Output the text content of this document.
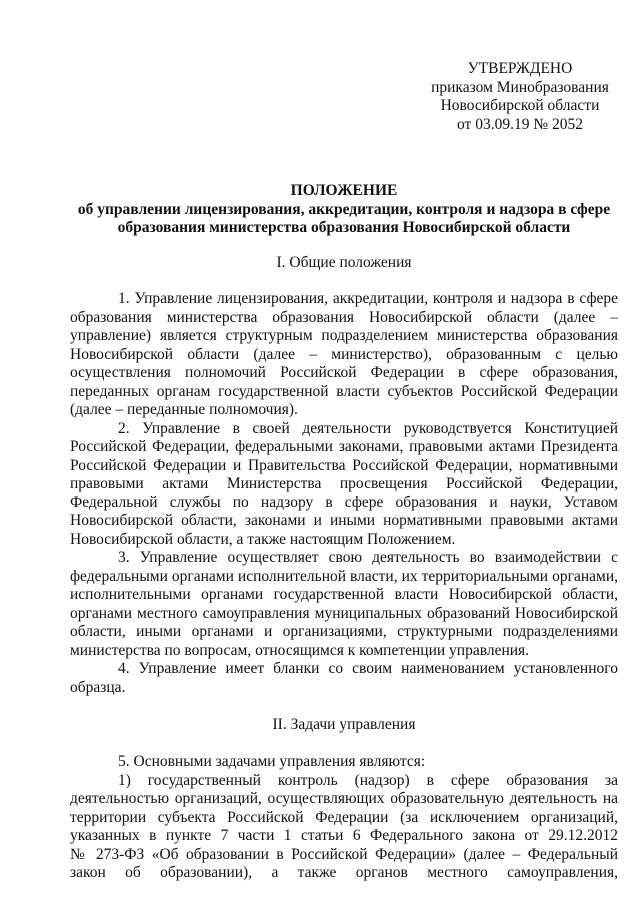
УТВЕРЖДЕНО
приказом Минобразования
Новосибирской области
от 03.09.19 № 2052
ПОЛОЖЕНИЕ
об управлении лицензирования, аккредитации, контроля и надзора в сфере
образования министерства образования Новосибирской области
I. Общие положения
1. Управление лицензирования, аккредитации, контроля и надзора в сфере
образования министерства образования Новосибирской области (далее –
управление) является структурным подразделением министерства образования
Новосибирской области (далее – министерство), образованным с целью
осуществления полномочий Российской Федерации в сфере образования,
переданных органам государственной власти субъектов Российской Федерации
(далее – переданные полномочия).
2. Управление в своей деятельности руководствуется Конституцией
Российской Федерации, федеральными законами, правовыми актами Президента
Российской Федерации и Правительства Российской Федерации, нормативными
правовыми актами Министерства просвещения Российской Федерации,
Федеральной службы по надзору в сфере образования и науки, Уставом
Новосибирской области, законами и иными нормативными правовыми актами
Новосибирской области, а также настоящим Положением.
3. Управление осуществляет свою деятельность во взаимодействии с
федеральными органами исполнительной власти, их территориальными органами,
исполнительными органами государственной власти Новосибирской области,
органами местного самоуправления муниципальных образований Новосибирской
области, иными органами и организациями, структурными подразделениями
министерства по вопросам, относящимся к компетенции управления.
4. Управление имеет бланки со своим наименованием установленного
образца.
II. Задачи управления
5. Основными задачами управления являются:
1) государственный контроль (надзор) в сфере образования за
деятельностью организаций, осуществляющих образовательную деятельность на
территории субъекта Российской Федерации (за исключением организаций,
указанных в пункте 7 части 1 статьи 6 Федерального закона от 29.12.2012
№ 273-ФЗ «Об образовании в Российской Федерации» (далее – Федеральный
закон об образовании), а также органов местного самоуправления,
